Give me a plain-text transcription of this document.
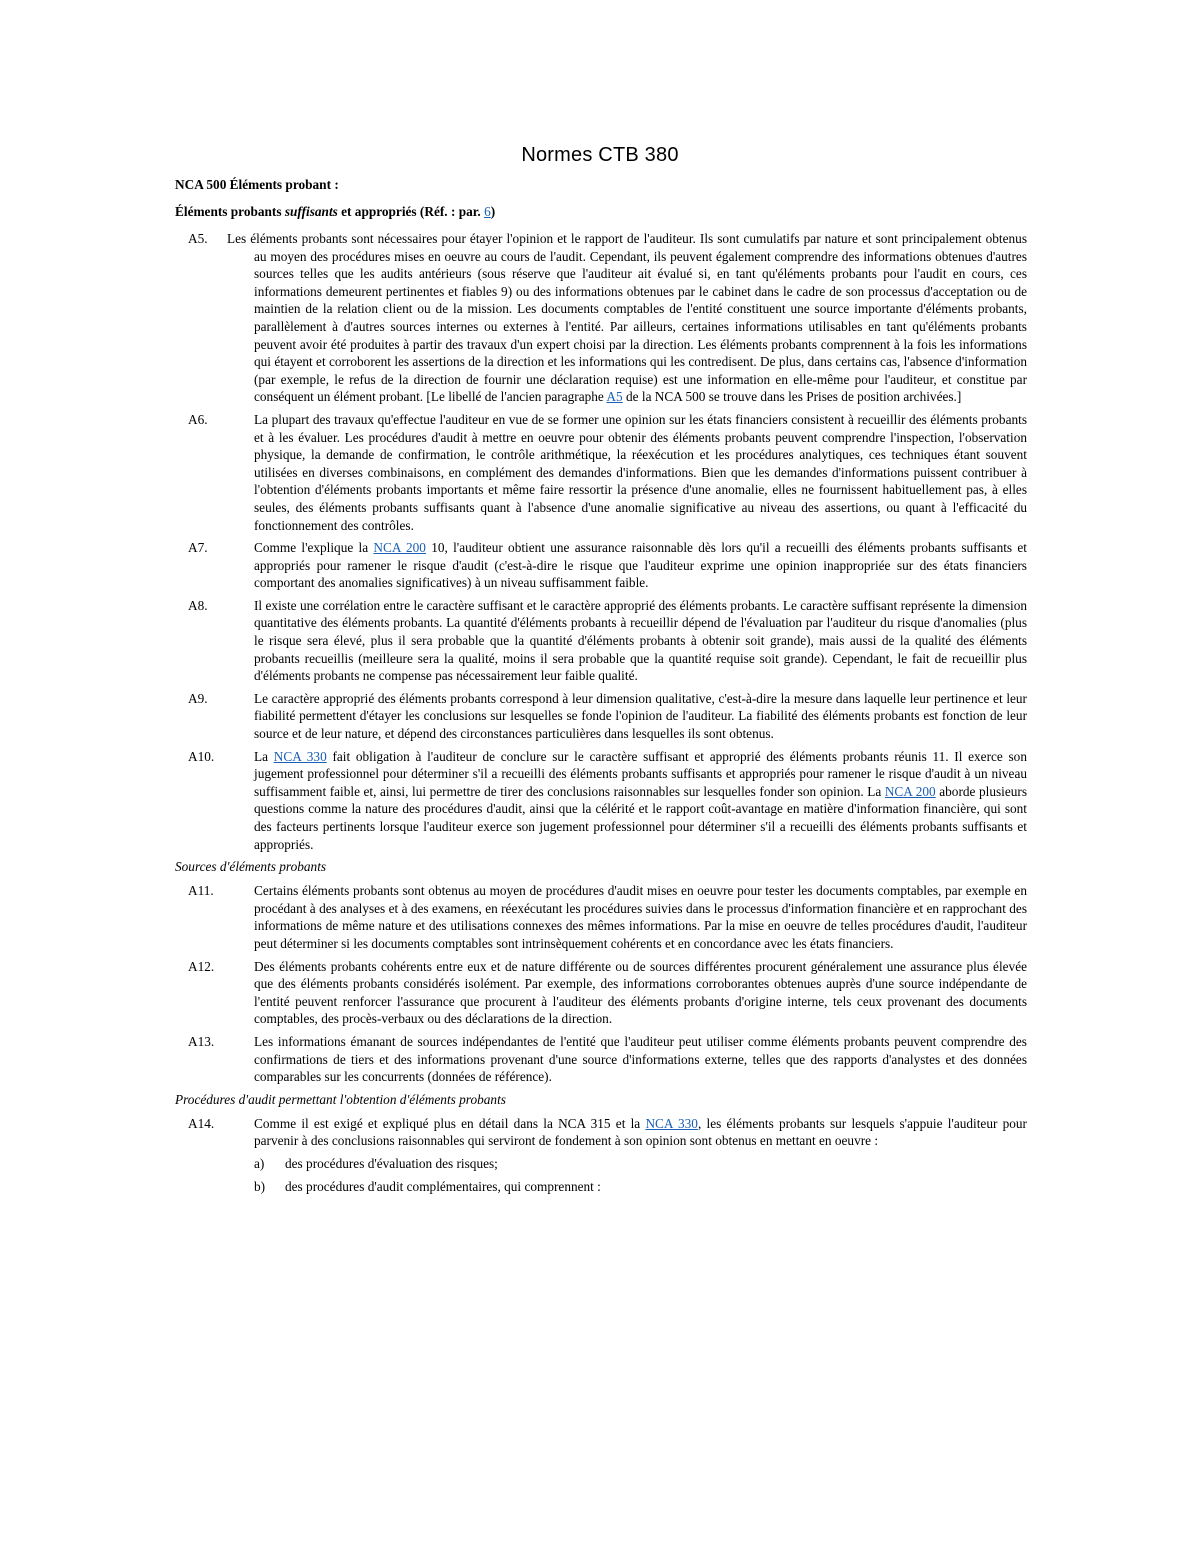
Normes CTB 380

NCA 500 Éléments probant :

Éléments probants suffisants et appropriés (Réf. : par. 6)

A5. Les éléments probants sont nécessaires pour étayer l'opinion et le rapport de l'auditeur. Ils sont cumulatifs par nature et sont principalement obtenus au moyen des procédures mises en oeuvre au cours de l'audit. Cependant, ils peuvent également comprendre des informations obtenues d'autres sources telles que les audits antérieurs (sous réserve que l'auditeur ait évalué si, en tant qu'éléments probants pour l'audit en cours, ces informations demeurent pertinentes et fiables 9) ou des informations obtenues par le cabinet dans le cadre de son processus d'acceptation ou de maintien de la relation client ou de la mission. Les documents comptables de l'entité constituent une source importante d'éléments probants, parallèlement à d'autres sources internes ou externes à l'entité. Par ailleurs, certaines informations utilisables en tant qu'éléments probants peuvent avoir été produites à partir des travaux d'un expert choisi par la direction. Les éléments probants comprennent à la fois les informations qui étayent et corroborent les assertions de la direction et les informations qui les contredisent. De plus, dans certains cas, l'absence d'information (par exemple, le refus de la direction de fournir une déclaration requise) est une information en elle-même pour l'auditeur, et constitue par conséquent un élément probant. [Le libellé de l'ancien paragraphe A5 de la NCA 500 se trouve dans les Prises de position archivées.]
A6.	La plupart des travaux qu'effectue l'auditeur en vue de se former une opinion sur les états financiers consistent à recueillir des éléments probants et à les évaluer. Les procédures d'audit à mettre en oeuvre pour obtenir des éléments probants peuvent comprendre l'inspection, l'observation physique, la demande de confirmation, le contrôle arithmétique, la réexécution et les procédures analytiques, ces techniques étant souvent utilisées en diverses combinaisons, en complément des demandes d'informations. Bien que les demandes d'informations puissent contribuer à l'obtention d'éléments probants importants et même faire ressortir la présence d'une anomalie, elles ne fournissent habituellement pas, à elles seules, des éléments probants suffisants quant à l'absence d'une anomalie significative au niveau des assertions, ou quant à l'efficacité du fonctionnement des contrôles.
A7.	Comme l'explique la NCA 200 10, l'auditeur obtient une assurance raisonnable dès lors qu'il a recueilli des éléments probants suffisants et appropriés pour ramener le risque d'audit (c'est-à-dire le risque que l'auditeur exprime une opinion inappropriée sur des états financiers comportant des anomalies significatives) à un niveau suffisamment faible.
A8.	Il existe une corrélation entre le caractère suffisant et le caractère approprié des éléments probants. Le caractère suffisant représente la dimension quantitative des éléments probants. La quantité d'éléments probants à recueillir dépend de l'évaluation par l'auditeur du risque d'anomalies (plus le risque sera élevé, plus il sera probable que la quantité d'éléments probants à obtenir soit grande), mais aussi de la qualité des éléments probants recueillis (meilleure sera la qualité, moins il sera probable que la quantité requise soit grande). Cependant, le fait de recueillir plus d'éléments probants ne compense pas nécessairement leur faible qualité.
A9.	Le caractère approprié des éléments probants correspond à leur dimension qualitative, c'est-à-dire la mesure dans laquelle leur pertinence et leur fiabilité permettent d'étayer les conclusions sur lesquelles se fonde l'opinion de l'auditeur. La fiabilité des éléments probants est fonction de leur source et de leur nature, et dépend des circonstances particulières dans lesquelles ils sont obtenus.
A10.	La NCA 330 fait obligation à l'auditeur de conclure sur le caractère suffisant et approprié des éléments probants réunis 11. Il exerce son jugement professionnel pour déterminer s'il a recueilli des éléments probants suffisants et appropriés pour ramener le risque d'audit à un niveau suffisamment faible et, ainsi, lui permettre de tirer des conclusions raisonnables sur lesquelles fonder son opinion. La NCA 200 aborde plusieurs questions comme la nature des procédures d'audit, ainsi que la célérité et le rapport coût-avantage en matière d'information financière, qui sont des facteurs pertinents lorsque l'auditeur exerce son jugement professionnel pour déterminer s'il a recueilli des éléments probants suffisants et appropriés.

Sources d'éléments probants

A11.	Certains éléments probants sont obtenus au moyen de procédures d'audit mises en oeuvre pour tester les documents comptables, par exemple en procédant à des analyses et à des examens, en réexécutant les procédures suivies dans le processus d'information financière et en rapprochant des informations de même nature et des utilisations connexes des mêmes informations. Par la mise en oeuvre de telles procédures d'audit, l'auditeur peut déterminer si les documents comptables sont intrinsèquement cohérents et en concordance avec les états financiers.
A12.	Des éléments probants cohérents entre eux et de nature différente ou de sources différentes procurent généralement une assurance plus élevée que des éléments probants considérés isolément. Par exemple, des informations corroborantes obtenues auprès d'une source indépendante de l'entité peuvent renforcer l'assurance que procurent à l'auditeur des éléments probants d'origine interne, tels ceux provenant des documents comptables, des procès-verbaux ou des déclarations de la direction.
A13.	Les informations émanant de sources indépendantes de l'entité que l'auditeur peut utiliser comme éléments probants peuvent comprendre des confirmations de tiers et des informations provenant d'une source d'informations externe, telles que des rapports d'analystes et des données comparables sur les concurrents (données de référence).

Procédures d'audit permettant l'obtention d'éléments probants

A14.	Comme il est exigé et expliqué plus en détail dans la NCA 315 et la NCA 330, les éléments probants sur lesquels s'appuie l'auditeur pour parvenir à des conclusions raisonnables qui serviront de fondement à son opinion sont obtenus en mettant en oeuvre :
a) des procédures d'évaluation des risques;
b) des procédures d'audit complémentaires, qui comprennent :
